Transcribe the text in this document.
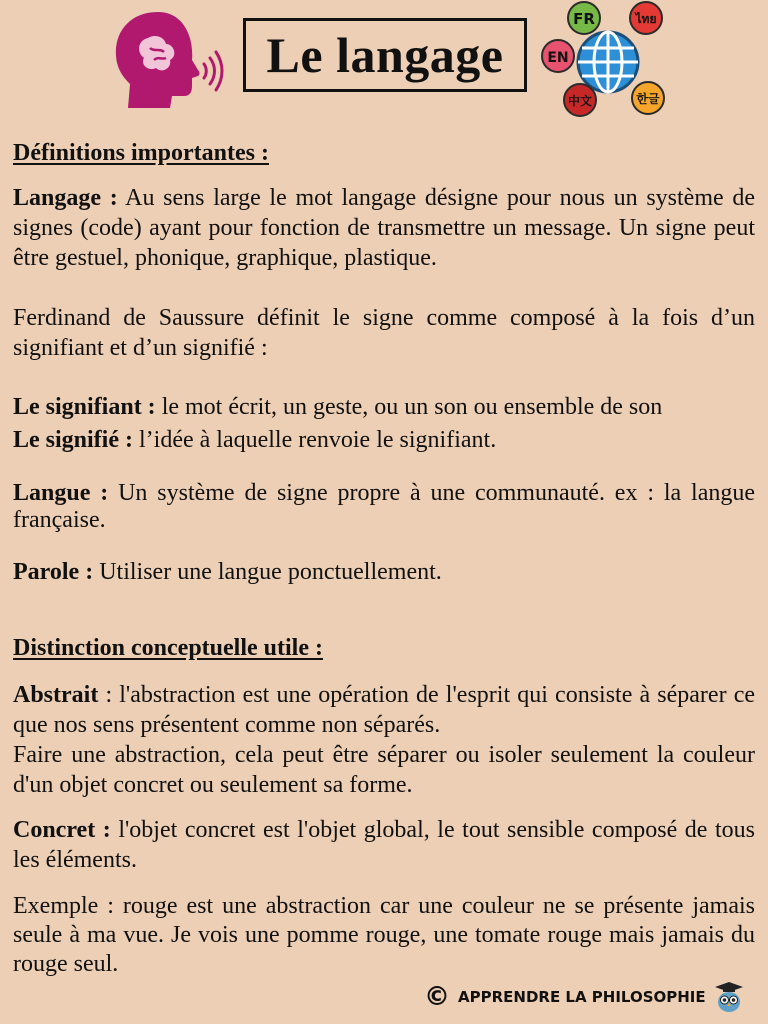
Le langage
FR
EN
ไทย
中文	한글
Définitions importantes :

Langage : Au sens large le mot langage désigne pour nous un système de signes (code) ayant pour fonction de transmettre un message. Un signe peut être gestuel, phonique, graphique, plastique.

Ferdinand de Saussure définit le signe comme composé à la fois d’un signifiant et d’un signifié :

Le signifiant : le mot écrit, un geste, ou un son ou ensemble de son

Le signifié : l’idée à laquelle renvoie le signifiant.

Langue : Un système de signe propre à une communauté. ex : la langue française.

Parole : Utiliser une langue ponctuellement.

Distinction conceptuelle utile :

Abstrait : l'abstraction est une opération de l'esprit qui consiste à séparer ce que nos sens présentent comme non séparés.

Faire une abstraction, cela peut être séparer ou isoler seulement la couleur d'un objet concret ou seulement sa forme.

Concret : l'objet concret est l'objet global, le tout sensible composé de tous les éléments.

Exemple : rouge est une abstraction car une couleur ne se présente jamais seule à ma vue. Je vois une pomme rouge, une tomate rouge mais jamais du rouge seul.

© APPRENDRE LA PHILOSOPHIE
